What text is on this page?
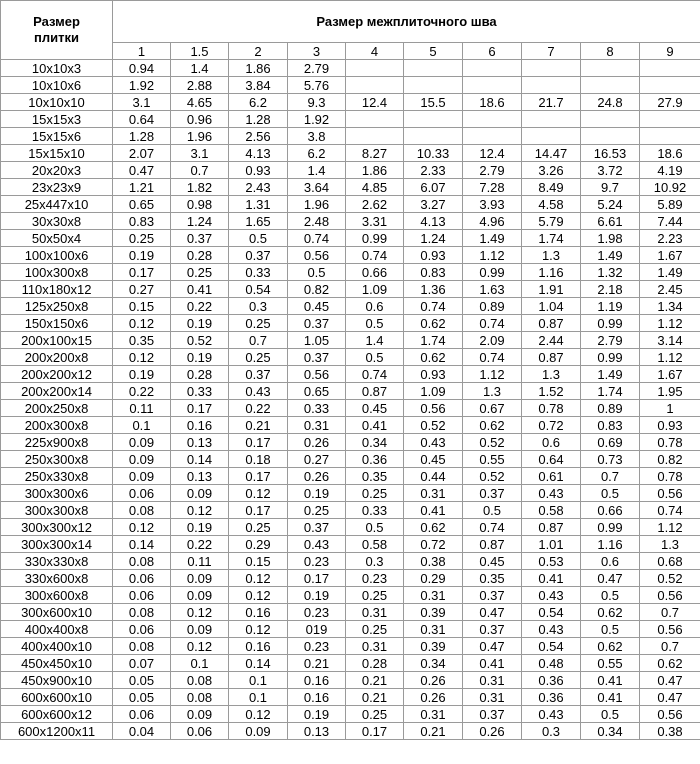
Размер
плитки	Размер межплиточного шва									
	1	1.5	2	3	4	5	6	7	8	9
10x10x3	0.94	1.4	1.86	2.79						
10x10x6	1.92	2.88	3.84	5.76						
10x10x10	3.1	4.65	6.2	9.3	12.4	15.5	18.6	21.7	24.8	27.9
15x15x3	0.64	0.96	1.28	1.92						
15x15x6	1.28	1.96	2.56	3.8						
15x15x10	2.07	3.1	4.13	6.2	8.27	10.33	12.4	14.47	16.53	18.6
20x20x3	0.47	0.7	0.93	1.4	1.86	2.33	2.79	3.26	3.72	4.19
23x23x9	1.21	1.82	2.43	3.64	4.85	6.07	7.28	8.49	9.7	10.92
25x447x10	0.65	0.98	1.31	1.96	2.62	3.27	3.93	4.58	5.24	5.89
30x30x8	0.83	1.24	1.65	2.48	3.31	4.13	4.96	5.79	6.61	7.44
50x50x4	0.25	0.37	0.5	0.74	0.99	1.24	1.49	1.74	1.98	2.23
100x100x6	0.19	0.28	0.37	0.56	0.74	0.93	1.12	1.3	1.49	1.67
100x300x8	0.17	0.25	0.33	0.5	0.66	0.83	0.99	1.16	1.32	1.49
110x180x12	0.27	0.41	0.54	0.82	1.09	1.36	1.63	1.91	2.18	2.45
125x250x8	0.15	0.22	0.3	0.45	0.6	0.74	0.89	1.04	1.19	1.34
150x150x6	0.12	0.19	0.25	0.37	0.5	0.62	0.74	0.87	0.99	1.12
200x100x15	0.35	0.52	0.7	1.05	1.4	1.74	2.09	2.44	2.79	3.14
200x200x8	0.12	0.19	0.25	0.37	0.5	0.62	0.74	0.87	0.99	1.12
200x200x12	0.19	0.28	0.37	0.56	0.74	0.93	1.12	1.3	1.49	1.67
200x200x14	0.22	0.33	0.43	0.65	0.87	1.09	1.3	1.52	1.74	1.95
200x250x8	0.11	0.17	0.22	0.33	0.45	0.56	0.67	0.78	0.89	1
200x300x8	0.1	0.16	0.21	0.31	0.41	0.52	0.62	0.72	0.83	0.93
225x900x8	0.09	0.13	0.17	0.26	0.34	0.43	0.52	0.6	0.69	0.78
250x300x8	0.09	0.14	0.18	0.27	0.36	0.45	0.55	0.64	0.73	0.82
250x330x8	0.09	0.13	0.17	0.26	0.35	0.44	0.52	0.61	0.7	0.78
300x300x6	0.06	0.09	0.12	0.19	0.25	0.31	0.37	0.43	0.5	0.56
300x300x8	0.08	0.12	0.17	0.25	0.33	0.41	0.5	0.58	0.66	0.74
300x300x12	0.12	0.19	0.25	0.37	0.5	0.62	0.74	0.87	0.99	1.12
300x300x14	0.14	0.22	0.29	0.43	0.58	0.72	0.87	1.01	1.16	1.3
330x330x8	0.08	0.11	0.15	0.23	0.3	0.38	0.45	0.53	0.6	0.68
330x600x8	0.06	0.09	0.12	0.17	0.23	0.29	0.35	0.41	0.47	0.52
300x600x8	0.06	0.09	0.12	0.19	0.25	0.31	0.37	0.43	0.5	0.56
300x600x10	0.08	0.12	0.16	0.23	0.31	0.39	0.47	0.54	0.62	0.7
400x400x8	0.06	0.09	0.12	019	0.25	0.31	0.37	0.43	0.5	0.56
400x400x10	0.08	0.12	0.16	0.23	0.31	0.39	0.47	0.54	0.62	0.7
450x450x10	0.07	0.1	0.14	0.21	0.28	0.34	0.41	0.48	0.55	0.62
450x900x10	0.05	0.08	0.1	0.16	0.21	0.26	0.31	0.36	0.41	0.47
600x600x10	0.05	0.08	0.1	0.16	0.21	0.26	0.31	0.36	0.41	0.47
600x600x12	0.06	0.09	0.12	0.19	0.25	0.31	0.37	0.43	0.5	0.56
600x1200x11	0.04	0.06	0.09	0.13	0.17	0.21	0.26	0.3	0.34	0.38
